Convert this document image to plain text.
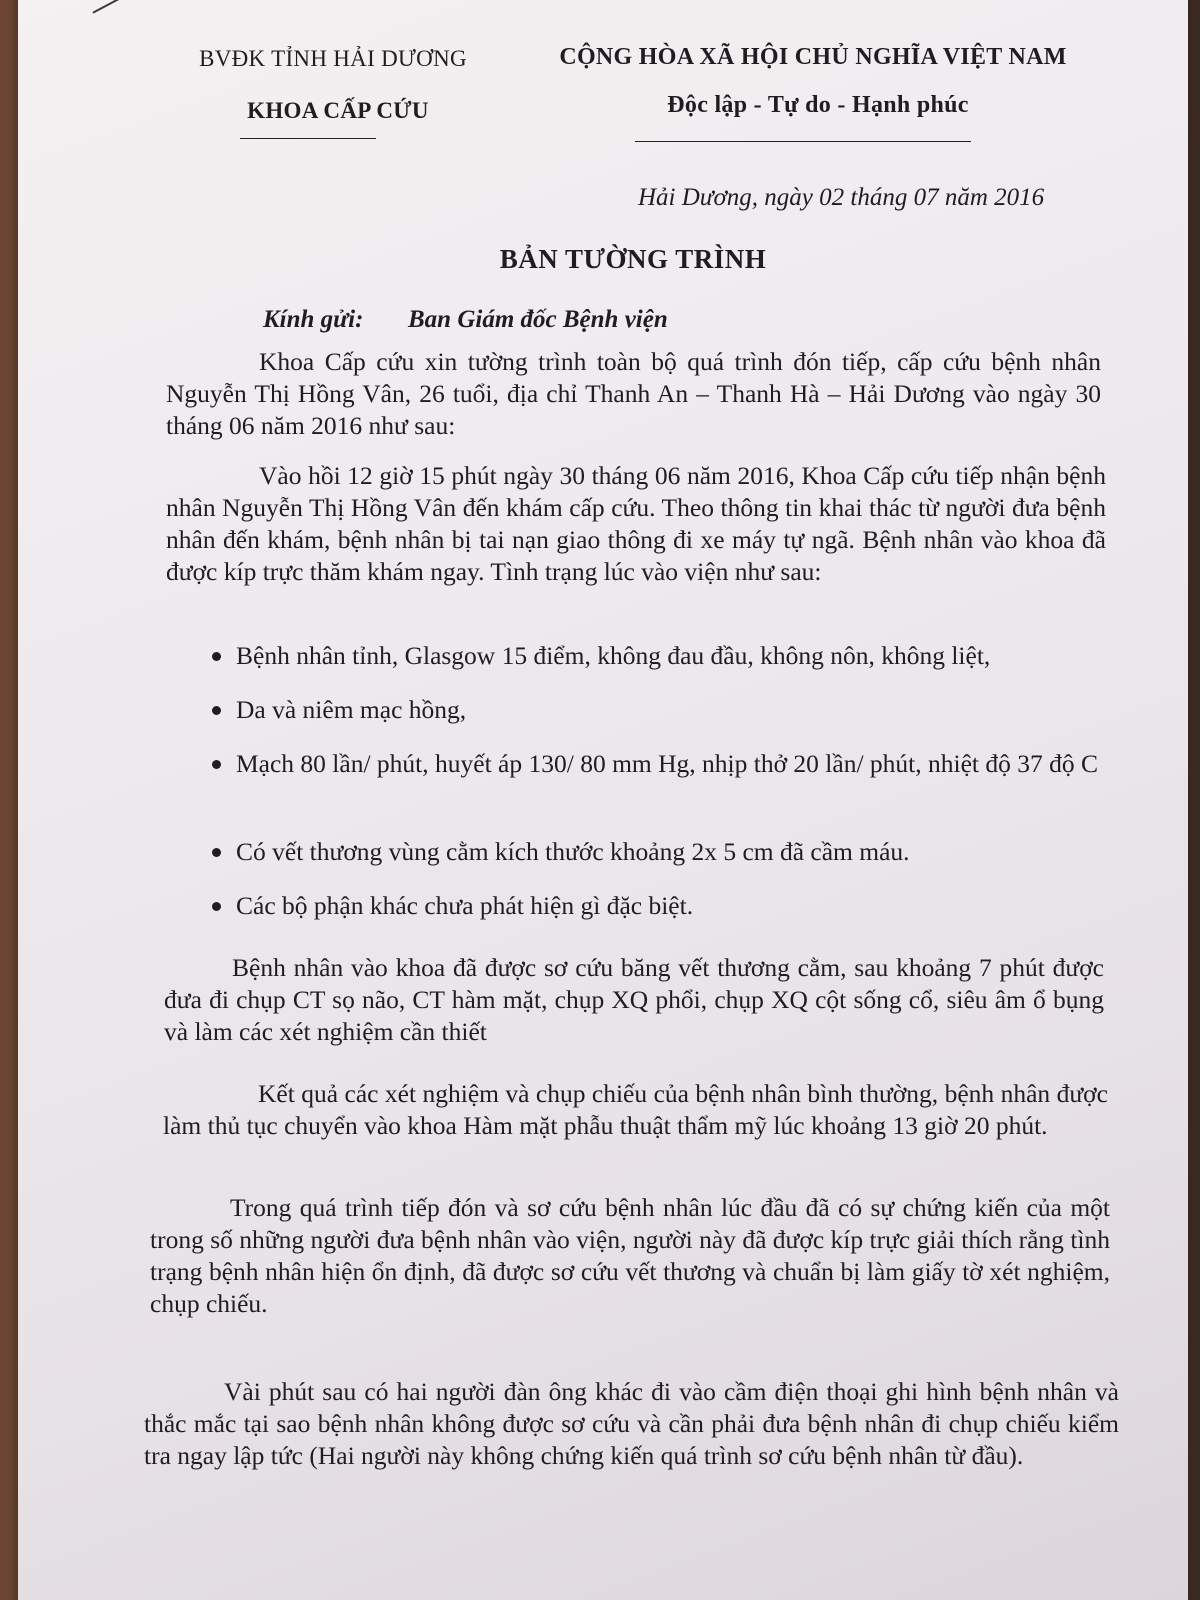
BVĐK TỈNH HẢI DƯƠNG
KHOA CẤP CỨU
CỘNG HÒA XÃ HỘI CHỦ NGHĨA VIỆT NAM
Độc lập - Tự do - Hạnh phúc
Hải Dương, ngày 02 tháng 07 năm 2016
BẢN TƯỜNG TRÌNH
Kính gửi: Ban Giám đốc Bệnh viện
Khoa Cấp cứu xin tường trình toàn bộ quá trình đón tiếp, cấp cứu bệnh nhân Nguyễn Thị Hồng Vân, 26 tuổi, địa chỉ Thanh An – Thanh Hà – Hải Dương vào ngày 30 tháng 06 năm 2016 như sau:
Vào hồi 12 giờ 15 phút ngày 30 tháng 06 năm 2016, Khoa Cấp cứu tiếp nhận bệnh nhân Nguyễn Thị Hồng Vân đến khám cấp cứu. Theo thông tin khai thác từ người đưa bệnh nhân đến khám, bệnh nhân bị tai nạn giao thông đi xe máy tự ngã. Bệnh nhân vào khoa đã được kíp trực thăm khám ngay. Tình trạng lúc vào viện như sau:
Bệnh nhân tỉnh, Glasgow 15 điểm, không đau đầu, không nôn, không liệt,
Da và niêm mạc hồng,
Mạch 80 lần/ phút, huyết áp 130/ 80 mm Hg, nhịp thở 20 lần/ phút, nhiệt độ 37 độ C
Có vết thương vùng cằm kích thước khoảng 2x 5 cm đã cầm máu.
Các bộ phận khác chưa phát hiện gì đặc biệt.
Bệnh nhân vào khoa đã được sơ cứu băng vết thương cằm, sau khoảng 7 phút được đưa đi chụp CT sọ não, CT hàm mặt, chụp XQ phổi, chụp XQ cột sống cổ, siêu âm ổ bụng và làm các xét nghiệm cần thiết
Kết quả các xét nghiệm và chụp chiếu của bệnh nhân bình thường, bệnh nhân được làm thủ tục chuyển vào khoa Hàm mặt phẫu thuật thẩm mỹ lúc khoảng 13 giờ 20 phút.
Trong quá trình tiếp đón và sơ cứu bệnh nhân lúc đầu đã có sự chứng kiến của một trong số những người đưa bệnh nhân vào viện, người này đã được kíp trực giải thích rằng tình trạng bệnh nhân hiện ổn định, đã được sơ cứu vết thương và chuẩn bị làm giấy tờ xét nghiệm, chụp chiếu.
Vài phút sau có hai người đàn ông khác đi vào cầm điện thoại ghi hình bệnh nhân và thắc mắc tại sao bệnh nhân không được sơ cứu và cần phải đưa bệnh nhân đi chụp chiếu kiểm tra ngay lập tức (Hai người này không chứng kiến quá trình sơ cứu bệnh nhân từ đầu).
